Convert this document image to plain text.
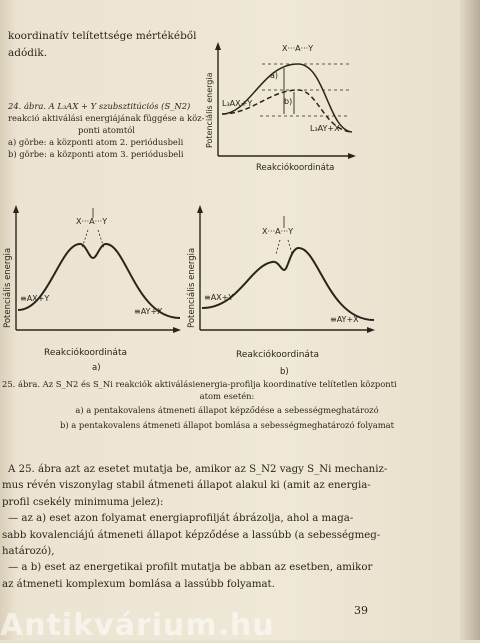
koordinatív telítettsége mértékéből
adódik.
24. ábra. A L₃AX + Y szubsztitúciós (S_N2)
reakció aktiválási energiájának függése a köz-
ponti atomtól
a) görbe: a központi atom 2. periódusbeli
b) görbe: a központi atom 3. periódusbeli
Potenciális energia
Reakciókoordináta
X···A···Y
a)
b)
L₃AX+Y
L₃AY+X
Potenciális energia
Reakciókoordináta
a)
X···A···Y
≡AX+Y
≡AY+X	Potenciális energia
Reakciókoordináta
b)
X···A···Y
≡AX+Y
≡AY+X
25. ábra. Az S_N2 és S_Ni reakciók aktiválásienergia-profilja koordinatíve telítetlen központi
atom esetén:
a) a pentakovalens átmeneti állapot képződése a sebességmeghatározó
b) a pentakovalens átmeneti állapot bomlása a sebességmeghatározó folyamat
A 25. ábra azt az esetet mutatja be, amikor az S_N2 vagy S_Ni mechaniz-
mus révén viszonylag stabil átmeneti állapot alakul ki (amit az energia-
profil csekély minimuma jelez):
— az a) eset azon folyamat energiaprofilját ábrázolja, ahol a maga-
sabb kovalenciájú átmeneti állapot képződése a lassúbb (a sebességmeg-
határozó),
— a b) eset az energetikai profilt mutatja be abban az esetben, amikor
az átmeneti komplexum bomlása a lassúbb folyamat.
39
Antikvárium.hu
